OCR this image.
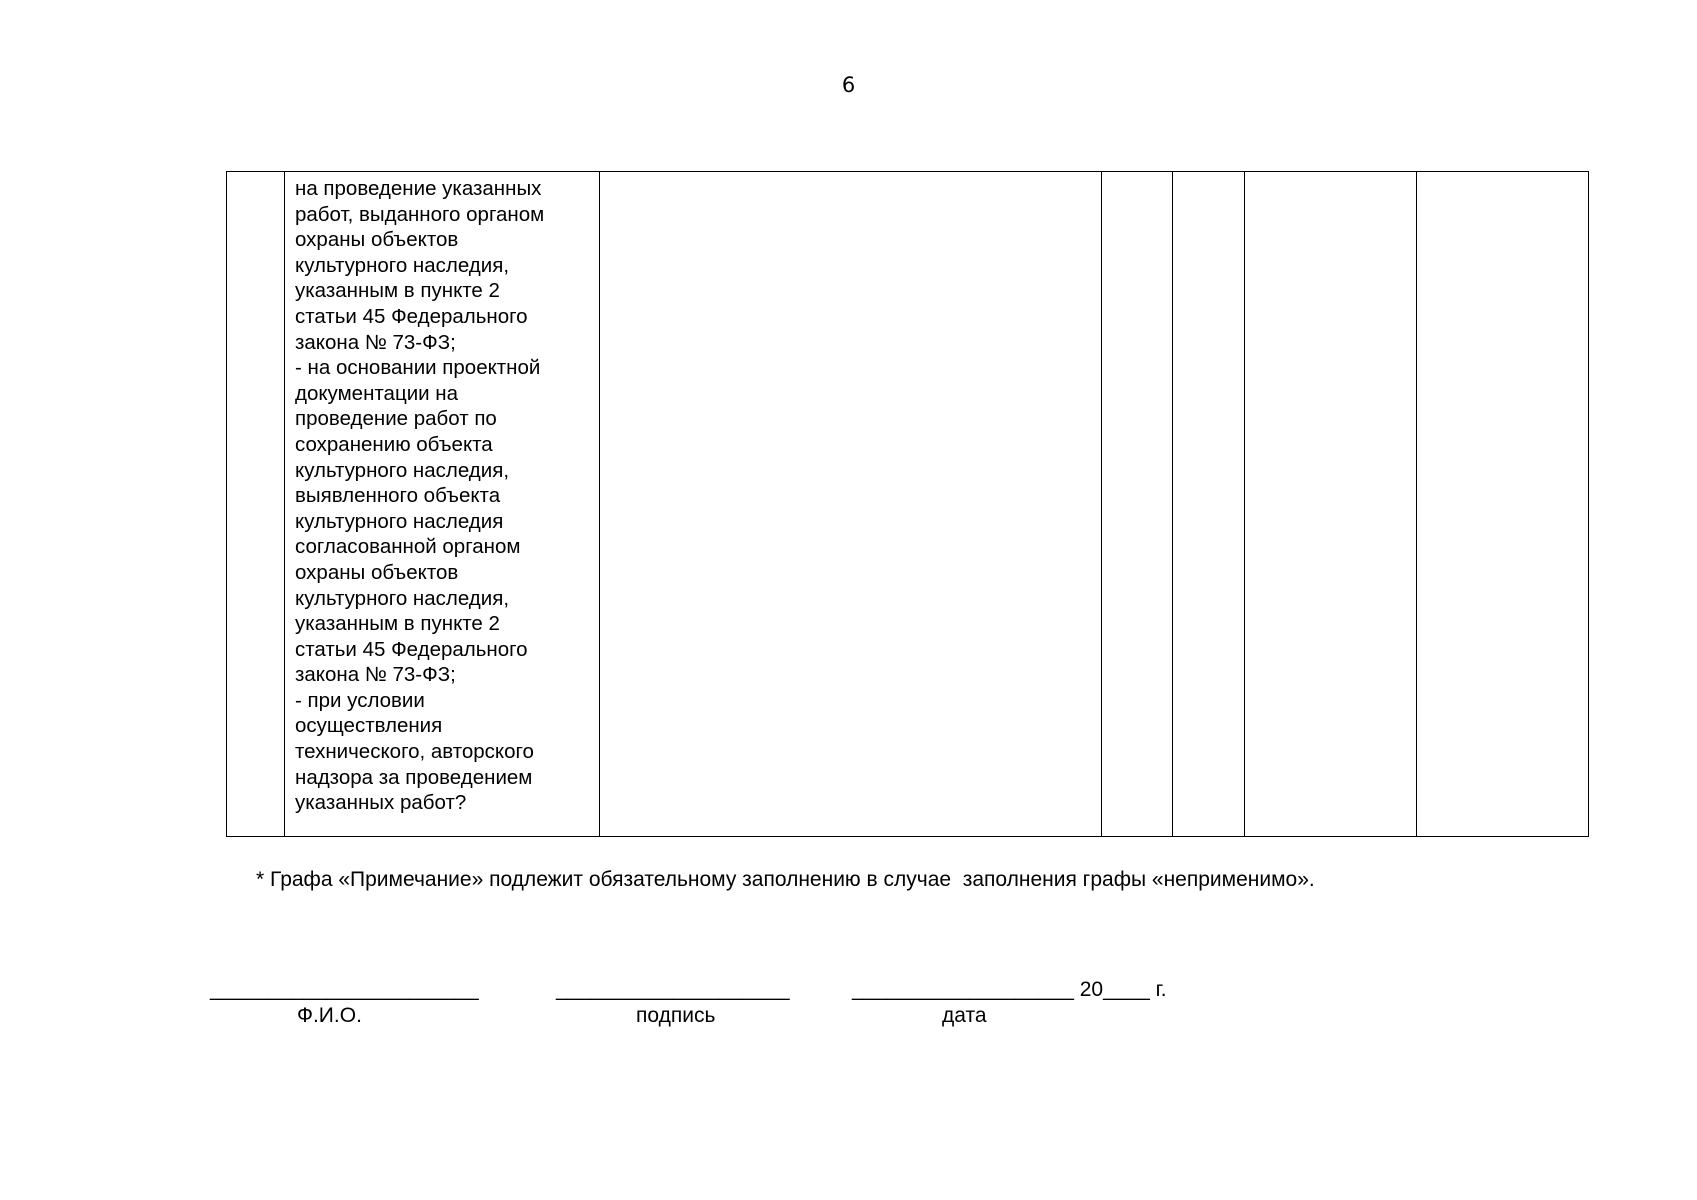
6
	на проведение указанных
работ, выданного органом
охраны объектов
культурного наследия,
указанным в пункте 2
статьи 45 Федерального
закона № 73-ФЗ;
- на основании проектной
документации на
проведение работ по
сохранению объекта
культурного наследия,
выявленного объекта
культурного наследия
согласованной органом
охраны объектов
культурного наследия,
указанным в пункте 2
статьи 45 Федерального
закона № 73-ФЗ;
- при условии
осуществления
технического, авторского
надзора за проведением
указанных работ?					
* Графа «Примечание» подлежит обязательному заполнению в случае  заполнения графы «неприменимо».
_______________________	____________________	___________________ 20____ г.
Ф.И.О.	подпись	дата
